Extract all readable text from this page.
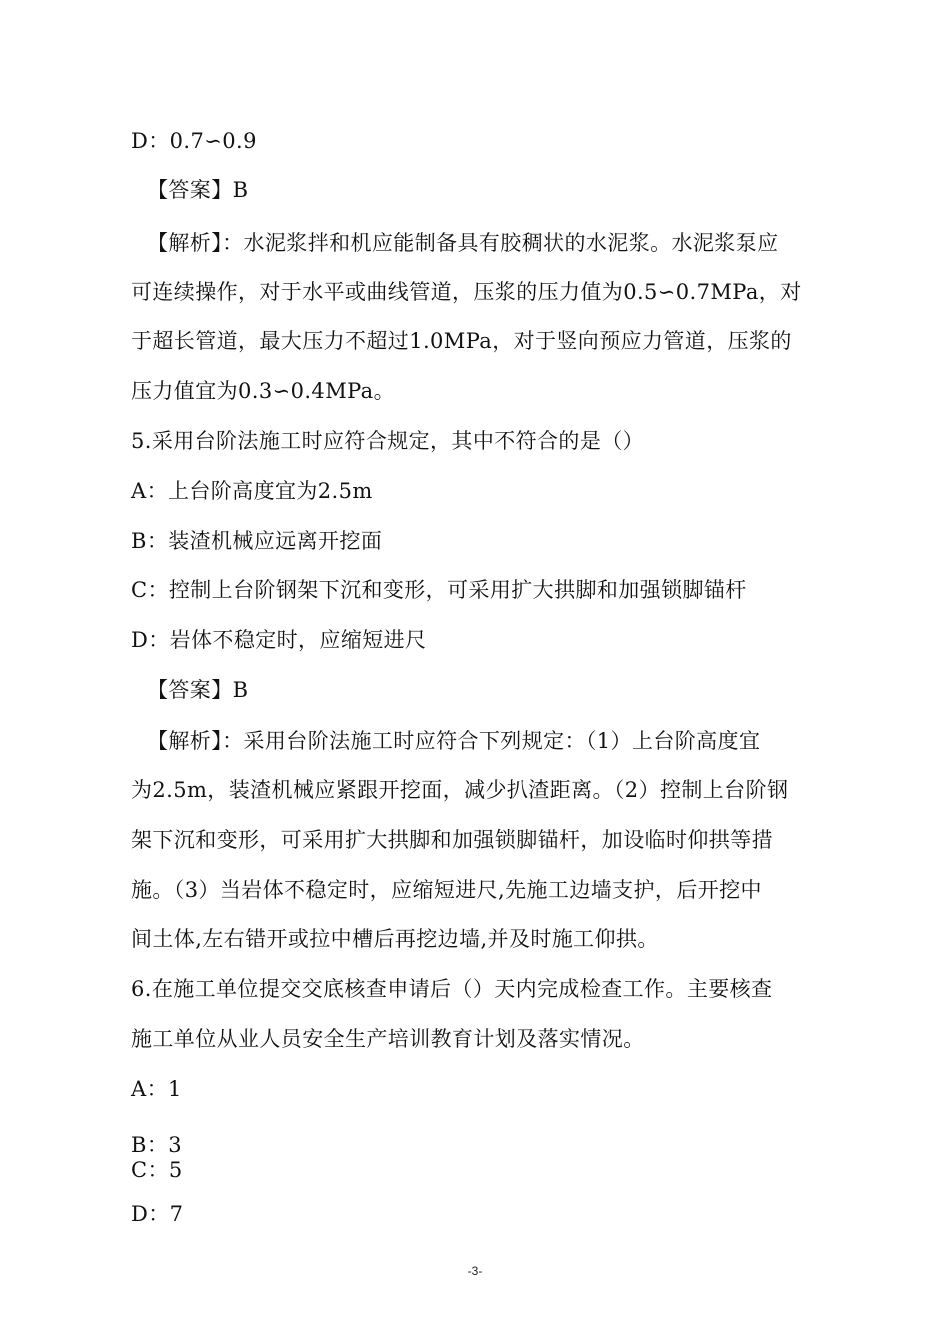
D：0.7∽0.9
【答案】B
【解析】：水泥浆拌和机应能制备具有胶稠状的水泥浆。水泥浆泵应
可连续操作，对于水平或曲线管道，压浆的压力值为0.5∽0.7MPa，对
于超长管道，最大压力不超过1.0MPa，对于竖向预应力管道，压浆的
压力值宜为0.3∽0.4MPa。
5.采用台阶法施工时应符合规定，其中不符合的是（）
A：上台阶高度宜为2.5m
B：装渣机械应远离开挖面
C：控制上台阶钢架下沉和变形，可采用扩大拱脚和加强锁脚锚杆
D：岩体不稳定时，应缩短进尺
【答案】B
【解析】：采用台阶法施工时应符合下列规定：（1）上台阶高度宜
为2.5m，装渣机械应紧跟开挖面，减少扒渣距离。（2）控制上台阶钢
架下沉和变形，可采用扩大拱脚和加强锁脚锚杆，加设临时仰拱等措
施。（3）当岩体不稳定时，应缩短进尺,先施工边墙支护，后开挖中
间土体,左右错开或拉中槽后再挖边墙,并及时施工仰拱。
6.在施工单位提交交底核查申请后（）天内完成检查工作。主要核查
施工单位从业人员安全生产培训教育计划及落实情况。
A：1
B：3
C：5
D：7
-3-
